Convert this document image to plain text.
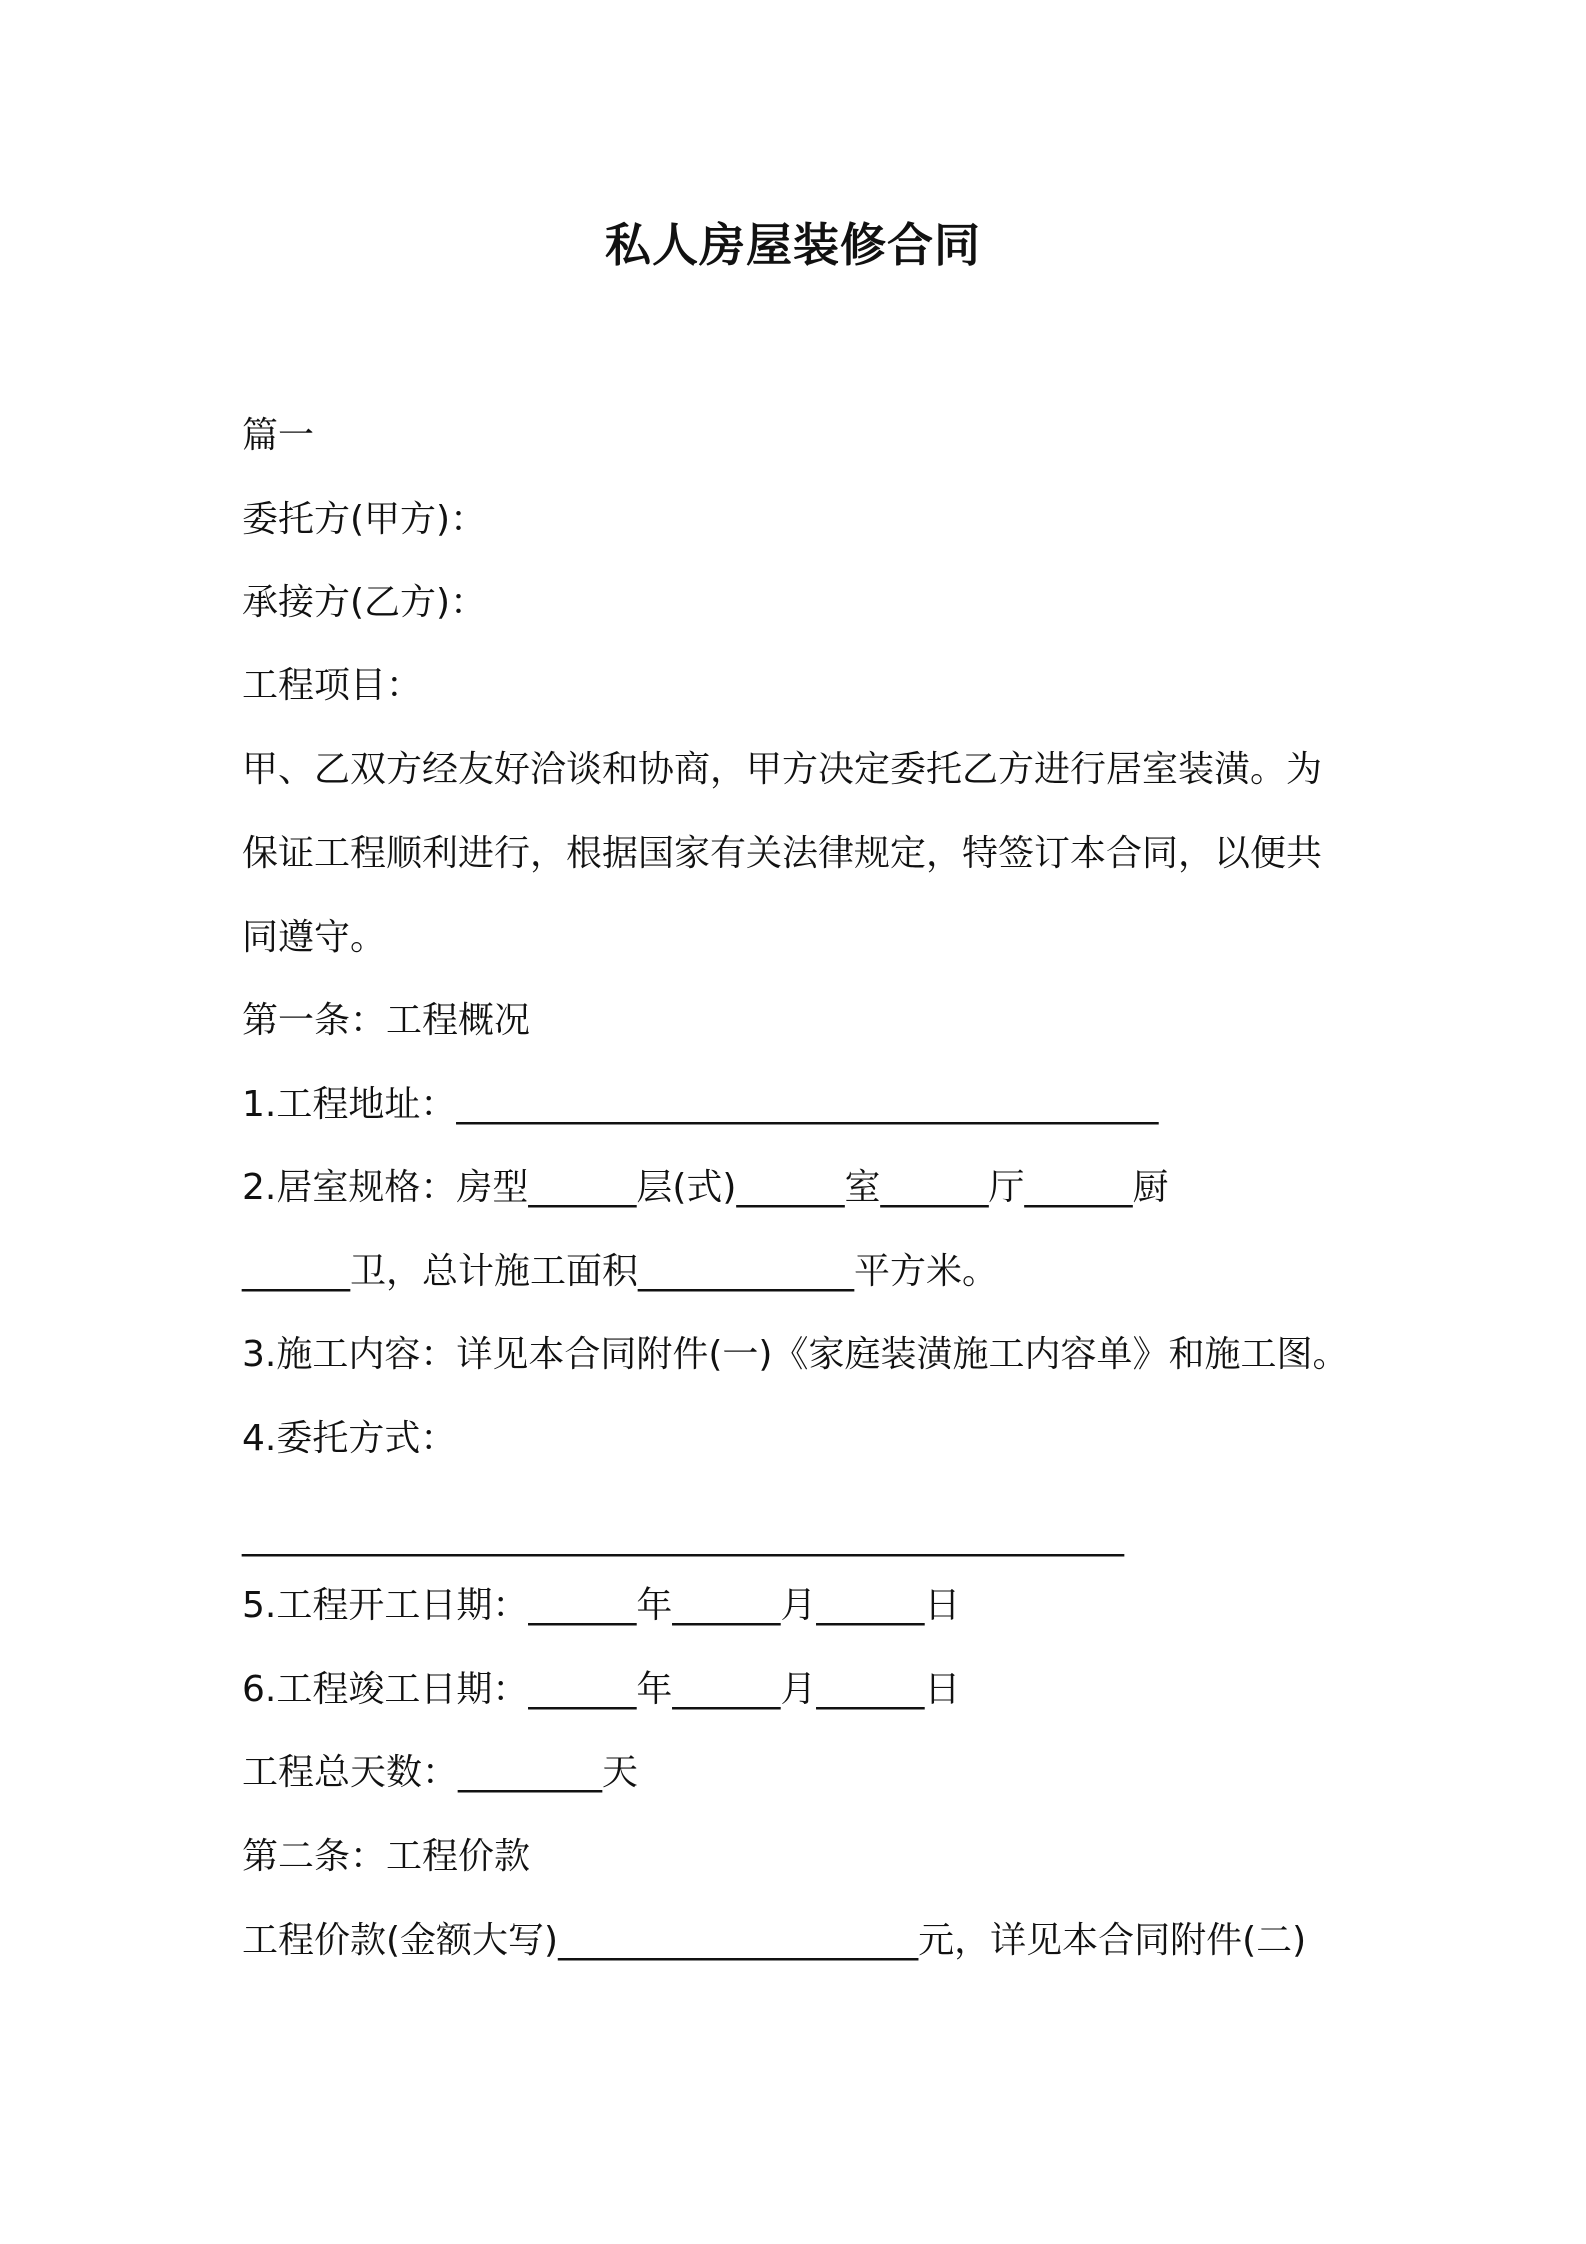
私人房屋装修合同
篇一
委托方(甲方)：
承接方(乙方)：
工程项目：
甲、乙双方经友好洽谈和协商，甲方决定委托乙方进行居室装潢。为
保证工程顺利进行，根据国家有关法律规定，特签订本合同，以便共
同遵守。
第一条：工程概况
1.工程地址：_______________________________________
2.居室规格：房型______层(式)______室______厅______厨
______卫，总计施工面积____________平方米。
3.施工内容：详见本合同附件(一)《家庭装潢施工内容单》和施工图。
4.委托方式：
_________________________________________________
5.工程开工日期：______年______月______日
6.工程竣工日期：______年______月______日
工程总天数：________天
第二条：工程价款
工程价款(金额大写)____________________元，详见本合同附件(二)
